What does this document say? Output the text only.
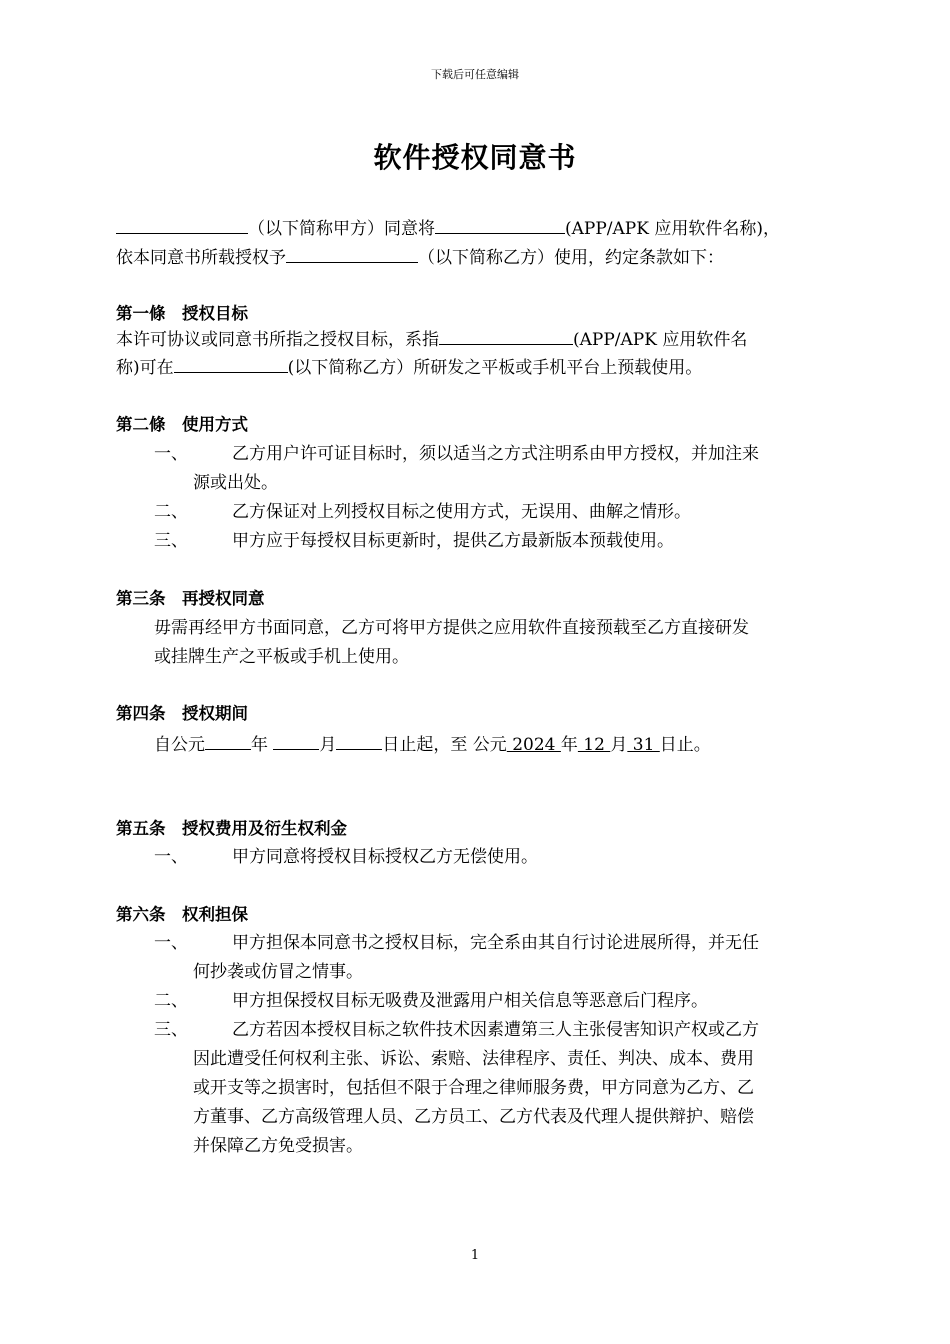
下载后可任意编辑
软件授权同意书
（以下简称甲方）同意将	(APP/APK 应用软件名称)，
依本同意书所载授权予	（以下简称乙方）使用，约定条款如下：
第一條　授权目标
本许可协议或同意书所指之授权目标，系指	(APP/APK 应用软件名
称)可在	(以下简称乙方）所研发之平板或手机平台上预载使用。
第二條　使用方式
一、	乙方用户许可证目标时，须以适当之方式注明系由甲方授权，并加注来
源或出处。
二、	乙方保证对上列授权目标之使用方式，无误用、曲解之情形。
三、	甲方应于每授权目标更新时，提供乙方最新版本预载使用。
第三条　再授权同意
毋需再经甲方书面同意，乙方可将甲方提供之应用软件直接预载至乙方直接研发
或挂牌生产之平板或手机上使用。
第四条　授权期间
自公元	年	月	日止起，至 公元 2024 年 12 月 31 日止。
第五条　授权费用及衍生权利金
一、	甲方同意将授权目标授权乙方无偿使用。
第六条　权利担保
一、	甲方担保本同意书之授权目标，完全系由其自行讨论进展所得，并无任
何抄袭或仿冒之情事。
二、	甲方担保授权目标无吸费及泄露用户相关信息等恶意后门程序。
三、	乙方若因本授权目标之软件技术因素遭第三人主张侵害知识产权或乙方
因此遭受任何权利主张、诉讼、索赔、法律程序、责任、判决、成本、费用
或开支等之损害时，包括但不限于合理之律师服务费，甲方同意为乙方、乙
方董事、乙方高级管理人员、乙方员工、乙方代表及代理人提供辩护、赔偿
并保障乙方免受损害。
1
